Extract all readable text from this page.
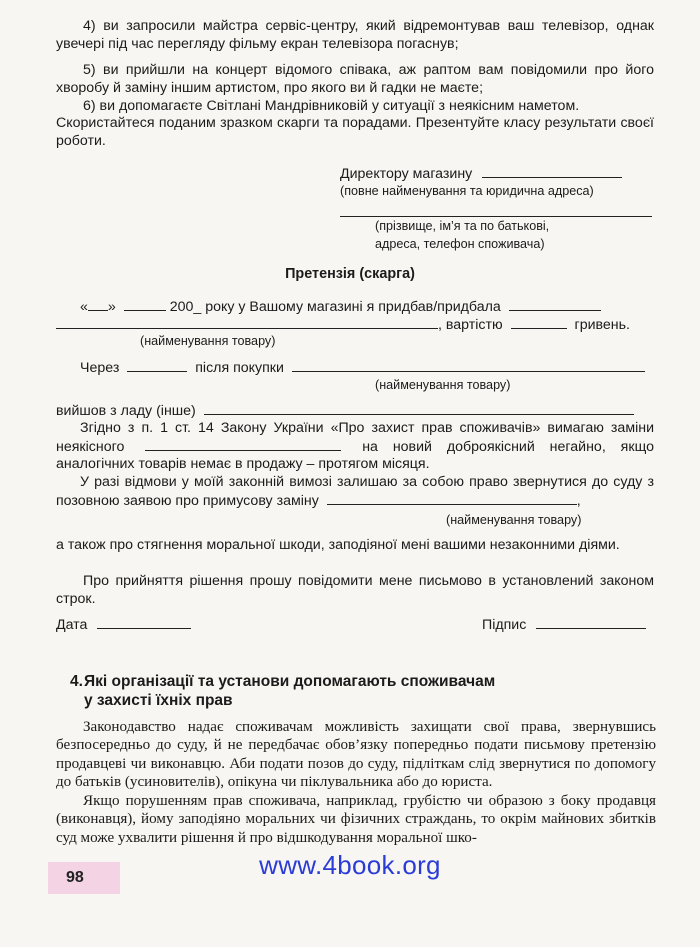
4) ви запросили майстра сервіс-центру, який відремонтував ваш телевізор, однак увечері під час перегляду фільму екран телевізора погаснув;

5) ви прийшли на концерт відомого співака, аж раптом вам повідомили про його хворобу й заміну іншим артистом, про якого ви й гадки не маєте;

6) ви допомагаєте Світлані Мандрівниковій у ситуації з неякісним наметом.

Скористайтеся поданим зразком скарги та порадами. Презентуйте класу результати своєї роботи.

Директору магазину

(повне найменування та юридична адреса)

(прізвище, ім’я та по батькові,

адреса, телефон споживача)

Претензія (скарга)

« »	200_ року у Вашому магазині я придбав/придбала

, вартістю	гривень.

(найменування товару)

Через	після покупки

(найменування товару)

вийшов з ладу (інше)

Згідно з п. 1 ст. 14 Закону України «Про захист прав споживачів» вимагаю заміни неякісного	на новий доброякісний негайно, якщо аналогічних товарів немає в продажу – протягом місяця.

У разі відмови у моїй законній вимозі залишаю за собою право звернутися до суду з позовною заявою про примусову заміну	,

(найменування товару)

а також про стягнення моральної шкоди, заподіяної мені вашими незаконними діями.

Про прийняття рішення прошу повідомити мене письмово в установлений законом строк.

Дата	Підпис

4.Які організації та установи допомагають споживачам
у захисті їхніх прав

Законодавство надає споживачам можливість захищати свої права, звернувшись безпосередньо до суду, й не передбачає обов’язку попередньо подати письмову претензію продавцеві чи виконавцю. Аби подати позов до суду, підліткам слід звернутися по допомогу до батьків (усиновителів), опікуна чи піклувальника або до юриста.

Якщо порушенням прав споживача, наприклад, грубістю чи образою з боку продавця (виконавця), йому заподіяно моральних чи фізичних страждань, то окрім майнових збитків суд може ухвалити рішення й про відшкодування моральної шко-

98	www.4book.org
